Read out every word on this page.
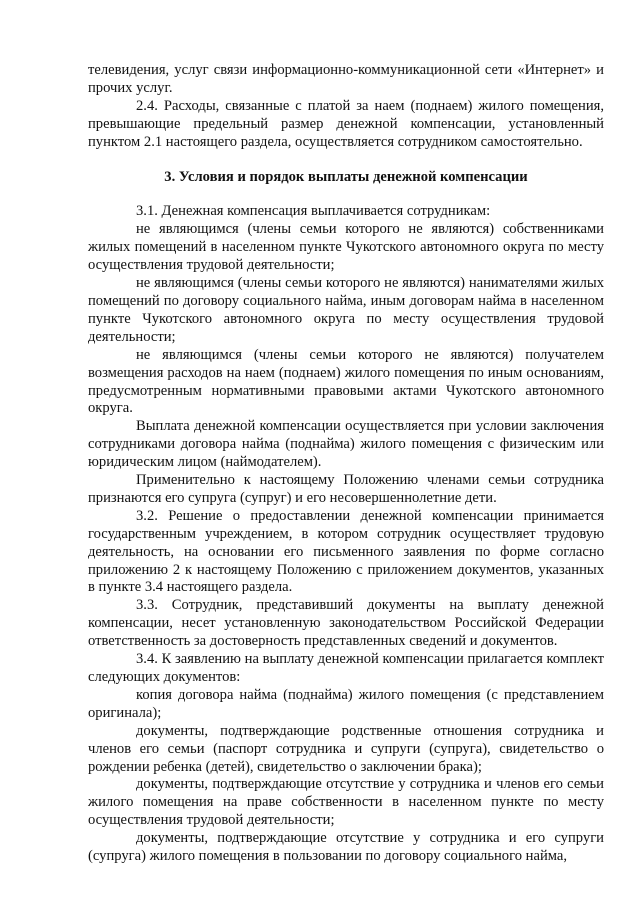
телевидения, услуг связи информационно-коммуникационной сети «Интернет» и прочих услуг.

2.4. Расходы, связанные с платой за наем (поднаем) жилого помещения, превышающие предельный размер денежной компенсации, установленный пунктом 2.1 настоящего раздела, осуществляется сотрудником самостоятельно.

3. Условия и порядок выплаты денежной компенсации

3.1. Денежная компенсация выплачивается сотрудникам:

не являющимся (члены семьи которого не являются) собственниками жилых помещений в населенном пункте Чукотского автономного округа по месту осуществления трудовой деятельности;

не являющимся (члены семьи которого не являются) нанимателями жилых помещений по договору социального найма, иным договорам найма в населенном пункте Чукотского автономного округа по месту осуществления трудовой деятельности;

не являющимся (члены семьи которого не являются) получателем возмещения расходов на наем (поднаем) жилого помещения по иным основаниям, предусмотренным нормативными правовыми актами Чукотского автономного округа.

Выплата денежной компенсации осуществляется при условии заключения сотрудниками договора найма (поднайма) жилого помещения с физическим или юридическим лицом (наймодателем).

Применительно к настоящему Положению членами семьи сотрудника признаются его супруга (супруг) и его несовершеннолетние дети.

3.2. Решение о предоставлении денежной компенсации принимается государственным учреждением, в котором сотрудник осуществляет трудовую деятельность, на основании его письменного заявления по форме согласно приложению 2 к настоящему Положению с приложением документов, указанных в пункте 3.4 настоящего раздела.

3.3. Сотрудник, представивший документы на выплату денежной компенсации, несет установленную законодательством Российской Федерации ответственность за достоверность представленных сведений и документов.

3.4. К заявлению на выплату денежной компенсации прилагается комплект следующих документов:

копия договора найма (поднайма) жилого помещения (с представлением оригинала);

документы, подтверждающие родственные отношения сотрудника и членов его семьи (паспорт сотрудника и супруги (супруга), свидетельство о рождении ребенка (детей), свидетельство о заключении брака);

документы, подтверждающие отсутствие у сотрудника и членов его семьи жилого помещения на праве собственности в населенном пункте по месту осуществления трудовой деятельности;

документы, подтверждающие отсутствие у сотрудника и его супруги (супруга) жилого помещения в пользовании по договору социального найма,
